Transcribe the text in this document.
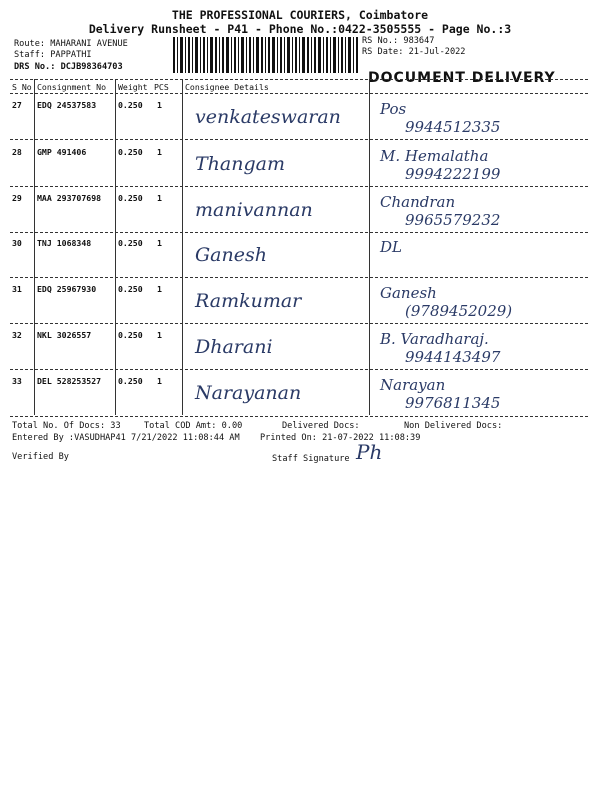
THE PROFESSIONAL COURIERS, Coimbatore
Delivery Runsheet - P41 - Phone No.:0422-3505555 - Page No.:3
Route: MAHARANI AVENUE
Staff: PAPPATHI
DRS No.: DCJB98364703
RS No.: 983647
RS Date: 21-Jul-2022
DOCUMENT DELIVERY
S No Consignment No Weight PCS Consignee Details
27 EDQ 24537583	0.250 1
venkateswaran	Pos
9944512335
28 GMP 491406	0.250 1
Thangam	M. Hemalatha
9994222199
29 MAA 293707698 0.250 1
manivannan	Chandran
9965579232
30 TNJ 1068348	0.250 1
Ganesh	DL
31 EDQ 25967930	0.250 1
Ramkumar	Ganesh
(9789452029)
32 NKL 3026557	0.250 1
Dharani	B. Varadharaj.
9944143497
33 DEL 528253527 0.250 1
Narayanan	Narayan
9976811345
Total No. Of Docs: 33	Total COD Amt: 0.00	Delivered Docs:	Non Delivered Docs:
Entered By :VASUDHAP41 7/21/2022 11:08:44 AM Printed On: 21-07-2022 11:08:39
Verified By	Staff Signature Ph
